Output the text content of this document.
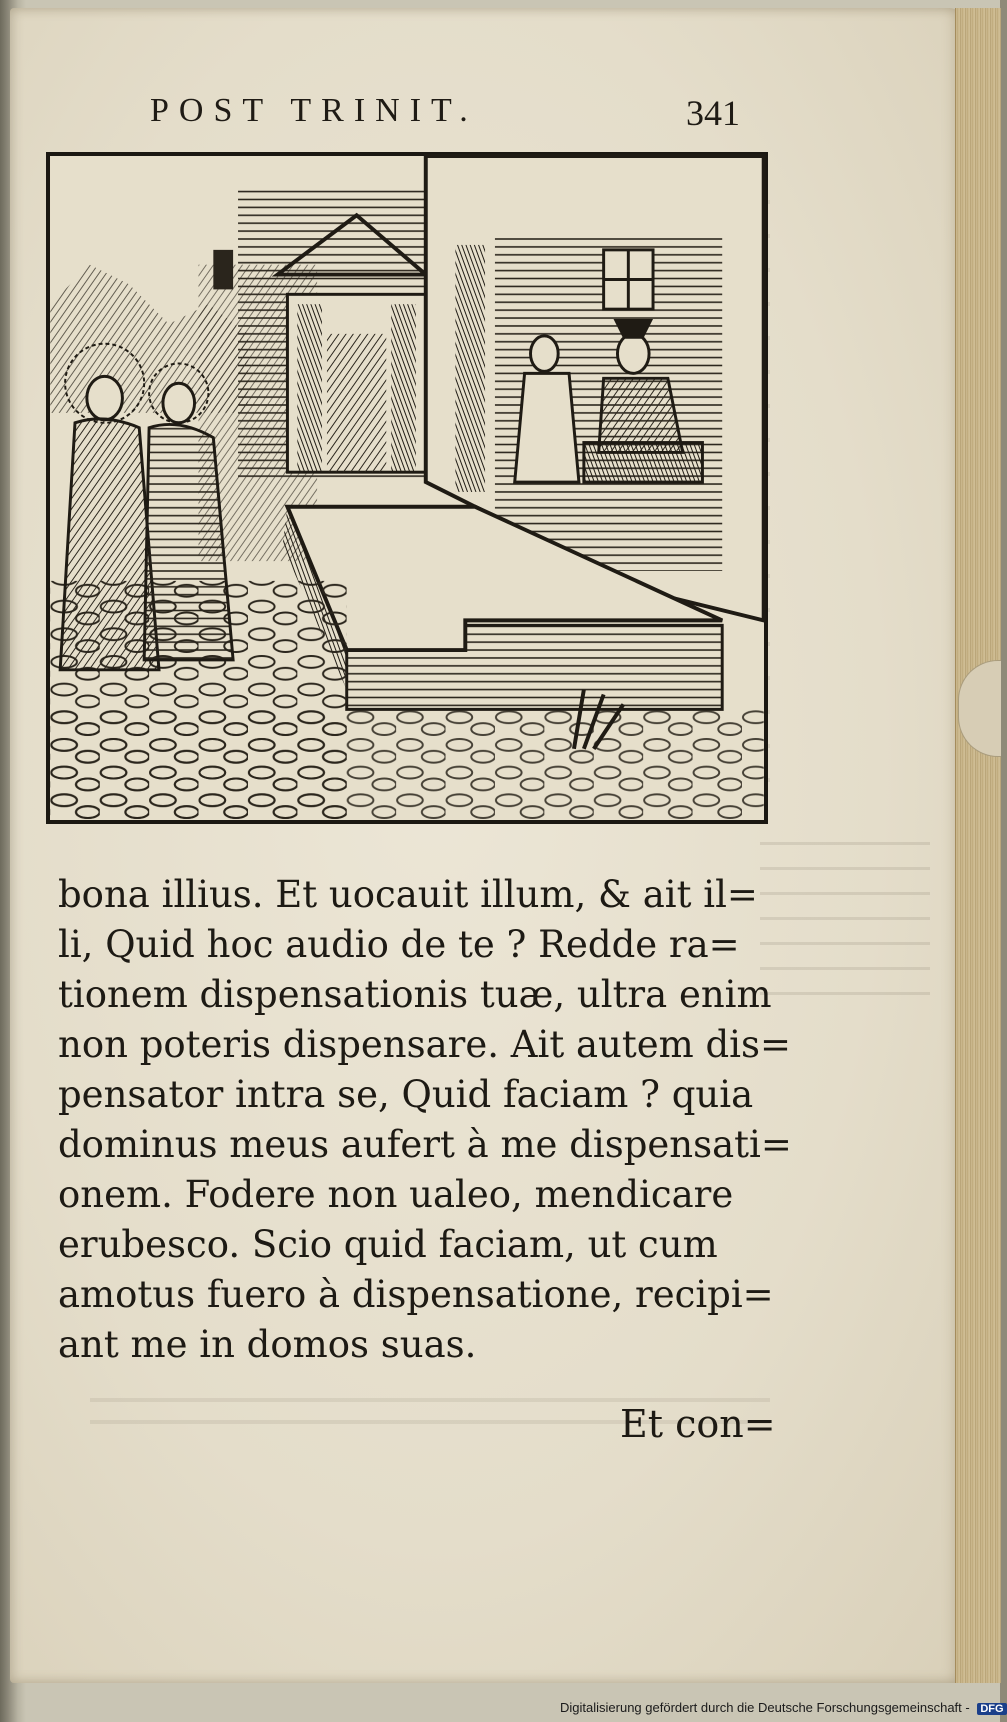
POST TRINIT.	341
bona illius. Et uocauit illum, & ait il=
li, Quid hoc audio de te ? Redde ra=
tionem dispensationis tuæ, ultra enim
non poteris dispensare. Ait autem dis=
pensator intra se, Quid faciam ? quia
dominus meus aufert à me dispensati=
onem. Fodere non ualeo, mendicare
erubesco. Scio quid faciam, ut cum
amotus fuero à dispensatione, recipi=
ant me in domos suas.
Et con=
Digitalisierung gefördert durch die Deutsche Forschungsgemeinschaft - DFG
